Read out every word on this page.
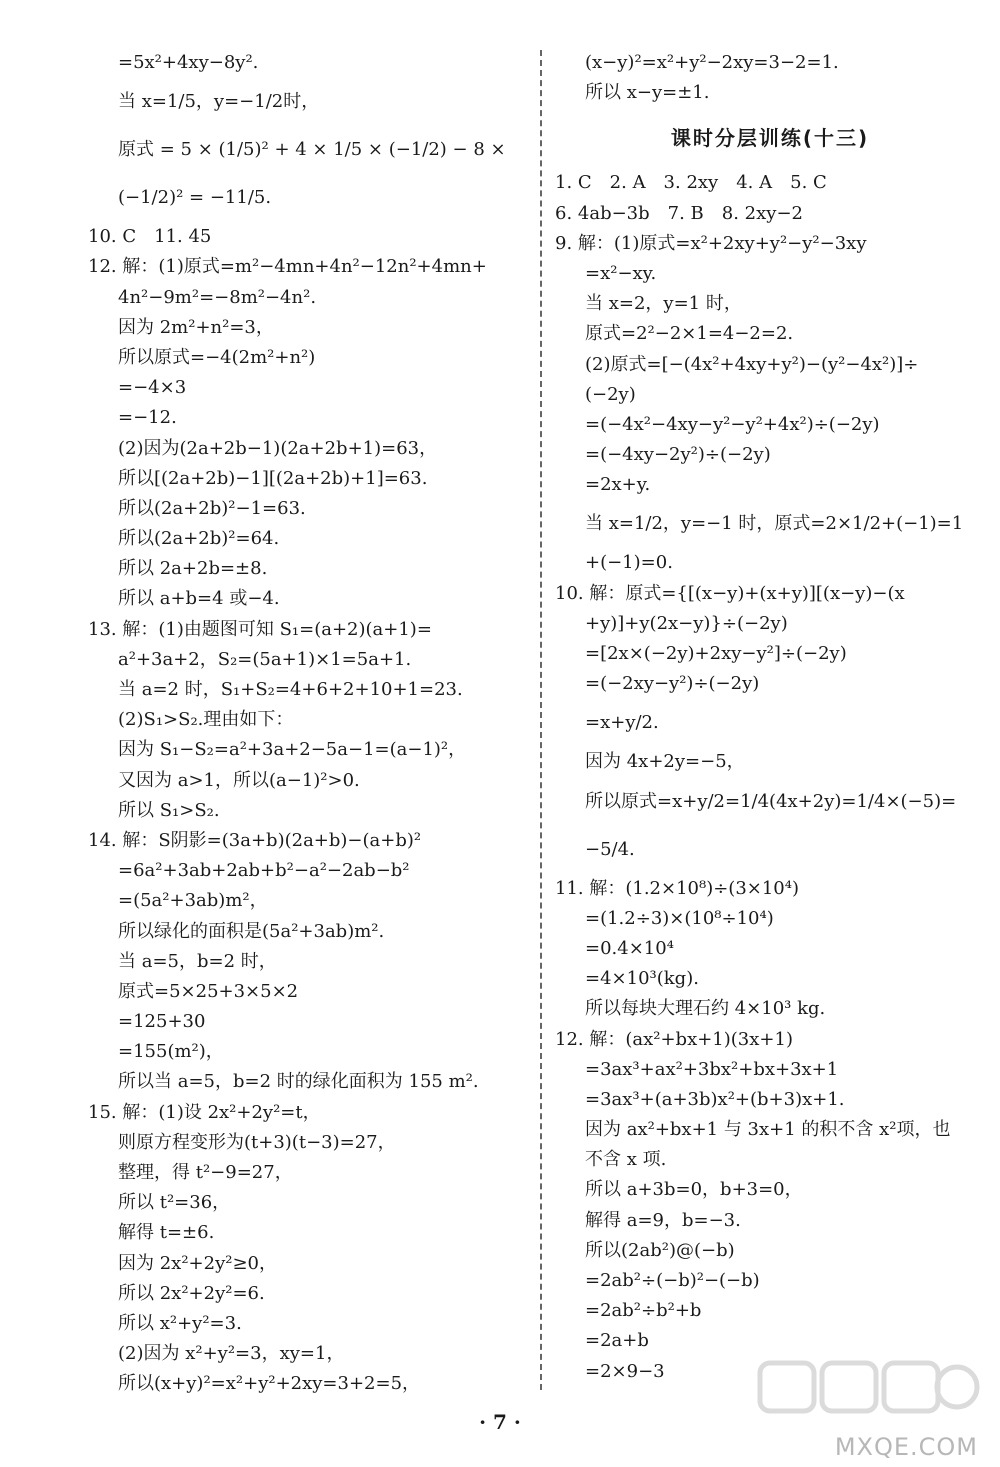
=5x²+4xy−8y².
当 x=1/5，y=−1/2时，
原式 = 5 × (1/5)² + 4 × 1/5 × (−1/2) − 8 ×
(−1/2)² = −11/5.
10. C　11. 45
12. 解：(1)原式=m²−4mn+4n²−12n²+4mn+
4n²−9m²=−8m²−4n².
因为 2m²+n²=3，
所以原式=−4(2m²+n²)
=−4×3
=−12.
(2)因为(2a+2b−1)(2a+2b+1)=63，
所以[(2a+2b)−1][(2a+2b)+1]=63.
所以(2a+2b)²−1=63.
所以(2a+2b)²=64.
所以 2a+2b=±8.
所以 a+b=4 或−4.
13. 解：(1)由题图可知 S₁=(a+2)(a+1)=
a²+3a+2，S₂=(5a+1)×1=5a+1.
当 a=2 时，S₁+S₂=4+6+2+10+1=23.
(2)S₁>S₂.理由如下：
因为 S₁−S₂=a²+3a+2−5a−1=(a−1)²，
又因为 a>1，所以(a−1)²>0.
所以 S₁>S₂.
14. 解：S阴影=(3a+b)(2a+b)−(a+b)²
=6a²+3ab+2ab+b²−a²−2ab−b²
=(5a²+3ab)m²，
所以绿化的面积是(5a²+3ab)m².
当 a=5，b=2 时，
原式=5×25+3×5×2
=125+30
=155(m²)，
所以当 a=5，b=2 时的绿化面积为 155 m².
15. 解：(1)设 2x²+2y²=t，
则原方程变形为(t+3)(t−3)=27，
整理，得 t²−9=27，
所以 t²=36，
解得 t=±6.
因为 2x²+2y²≥0，
所以 2x²+2y²=6.
所以 x²+y²=3.
(2)因为 x²+y²=3，xy=1，
所以(x+y)²=x²+y²+2xy=3+2=5，
(x−y)²=x²+y²−2xy=3−2=1.
所以 x−y=±1.
课时分层训练(十三)
1. C　2. A　3. 2xy　4. A　5. C
6. 4ab−3b　7. B　8. 2xy−2
9. 解：(1)原式=x²+2xy+y²−y²−3xy
=x²−xy.
当 x=2，y=1 时，
原式=2²−2×1=4−2=2.
(2)原式=[−(4x²+4xy+y²)−(y²−4x²)]÷
(−2y)
=(−4x²−4xy−y²−y²+4x²)÷(−2y)
=(−4xy−2y²)÷(−2y)
=2x+y.
当 x=1/2，y=−1 时，原式=2×1/2+(−1)=1
+(−1)=0.
10. 解：原式={[(x−y)+(x+y)][(x−y)−(x
+y)]+y(2x−y)}÷(−2y)
=[2x×(−2y)+2xy−y²]÷(−2y)
=(−2xy−y²)÷(−2y)
=x+y/2.
因为 4x+2y=−5，
所以原式=x+y/2=1/4(4x+2y)=1/4×(−5)=
−5/4.
11. 解：(1.2×10⁸)÷(3×10⁴)
=(1.2÷3)×(10⁸÷10⁴)
=0.4×10⁴
=4×10³(kg).
所以每块大理石约 4×10³ kg.
12. 解：(ax²+bx+1)(3x+1)
=3ax³+ax²+3bx²+bx+3x+1
=3ax³+(a+3b)x²+(b+3)x+1.
因为 ax²+bx+1 与 3x+1 的积不含 x²项，也
不含 x 项.
所以 a+3b=0，b+3=0，
解得 a=9，b=−3.
所以(2ab²)@(−b)
=2ab²÷(−b)²−(−b)
=2ab²÷b²+b
=2a+b
=2×9−3
· 7 ·
MXQE.COM
